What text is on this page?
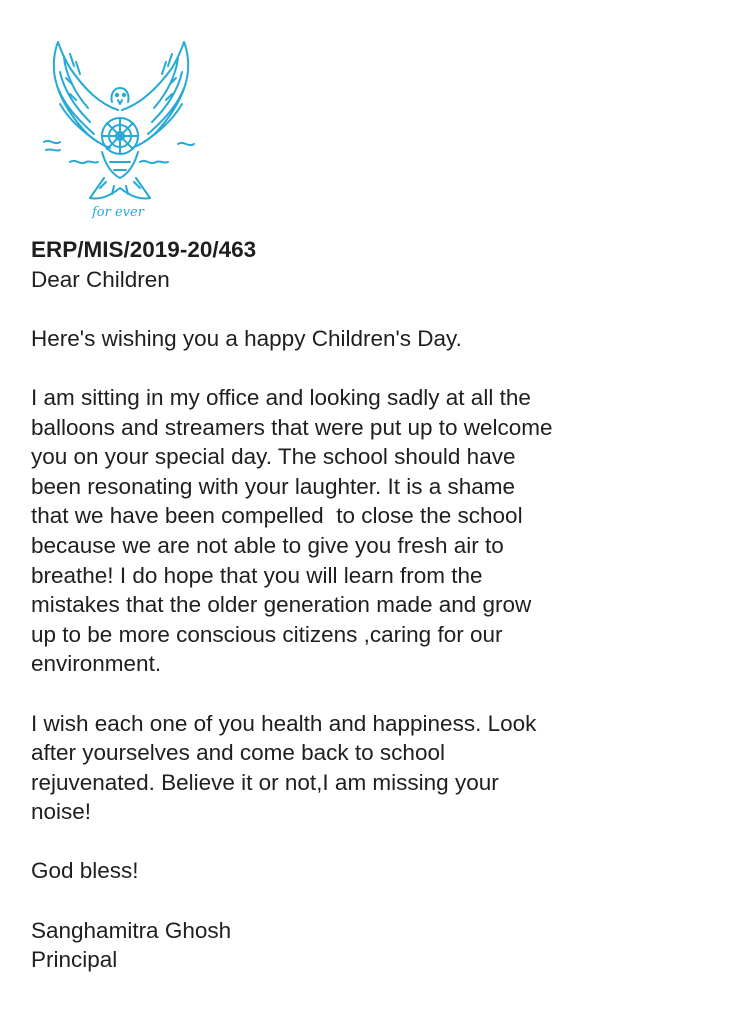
for ever
ERP/MIS/2019-20/463
Dear Children
Here's wishing you a happy Children's Day.
I am sitting in my office and looking sadly at all the
balloons and streamers that were put up to welcome
you on your special day. The school should have
been resonating with your laughter. It is a shame
that we have been compelled  to close the school
because we are not able to give you fresh air to
breathe! I do hope that you will learn from the
mistakes that the older generation made and grow
up to be more conscious citizens ,caring for our
environment.
I wish each one of you health and happiness. Look
after yourselves and come back to school
rejuvenated. Believe it or not,I am missing your
noise!
God bless!
Sanghamitra Ghosh
Principal
